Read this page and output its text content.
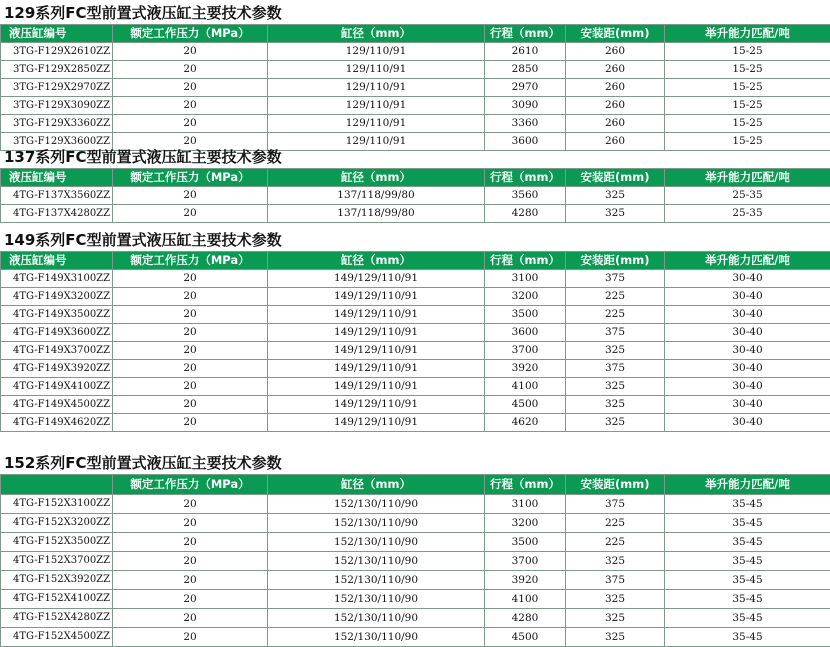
129系列FC型前置式液压缸主要技术参数
液压缸编号	额定工作压力（MPa）	缸径（mm）	行程（mm）	安装距(mm)	举升能力匹配/吨
3TG-F129X2610ZZ	20	129/110/91	2610	260	15-25
3TG-F129X2850ZZ	20	129/110/91	2850	260	15-25
3TG-F129X2970ZZ	20	129/110/91	2970	260	15-25
3TG-F129X3090ZZ	20	129/110/91	3090	260	15-25
3TG-F129X3360ZZ	20	129/110/91	3360	260	15-25
3TG-F129X3600ZZ	20	129/110/91	3600	260	15-25
137系列FC型前置式液压缸主要技术参数
液压缸编号	额定工作压力（MPa）	缸径（mm）	行程（mm）	安装距(mm)	举升能力匹配/吨
4TG-F137X3560ZZ	20	137/118/99/80	3560	325	25-35
4TG-F137X4280ZZ	20	137/118/99/80	4280	325	25-35
149系列FC型前置式液压缸主要技术参数
液压缸编号	额定工作压力（MPa）	缸径（mm）	行程（mm）	安装距(mm)	举升能力匹配/吨
4TG-F149X3100ZZ	20	149/129/110/91	3100	375	30-40
4TG-F149X3200ZZ	20	149/129/110/91	3200	225	30-40
4TG-F149X3500ZZ	20	149/129/110/91	3500	225	30-40
4TG-F149X3600ZZ	20	149/129/110/91	3600	375	30-40
4TG-F149X3700ZZ	20	149/129/110/91	3700	325	30-40
4TG-F149X3920ZZ	20	149/129/110/91	3920	375	30-40
4TG-F149X4100ZZ	20	149/129/110/91	4100	325	30-40
4TG-F149X4500ZZ	20	149/129/110/91	4500	325	30-40
4TG-F149X4620ZZ	20	149/129/110/91	4620	325	30-40
152系列FC型前置式液压缸主要技术参数
	额定工作压力（MPa）	缸径（mm）	行程（mm）	安装距(mm)	举升能力匹配/吨
4TG-F152X3100ZZ	20	152/130/110/90	3100	375	35-45
4TG-F152X3200ZZ	20	152/130/110/90	3200	225	35-45
4TG-F152X3500ZZ	20	152/130/110/90	3500	225	35-45
4TG-F152X3700ZZ	20	152/130/110/90	3700	325	35-45
4TG-F152X3920ZZ	20	152/130/110/90	3920	375	35-45
4TG-F152X4100ZZ	20	152/130/110/90	4100	325	35-45
4TG-F152X4280ZZ	20	152/130/110/90	4280	325	35-45
4TG-F152X4500ZZ	20	152/130/110/90	4500	325	35-45
